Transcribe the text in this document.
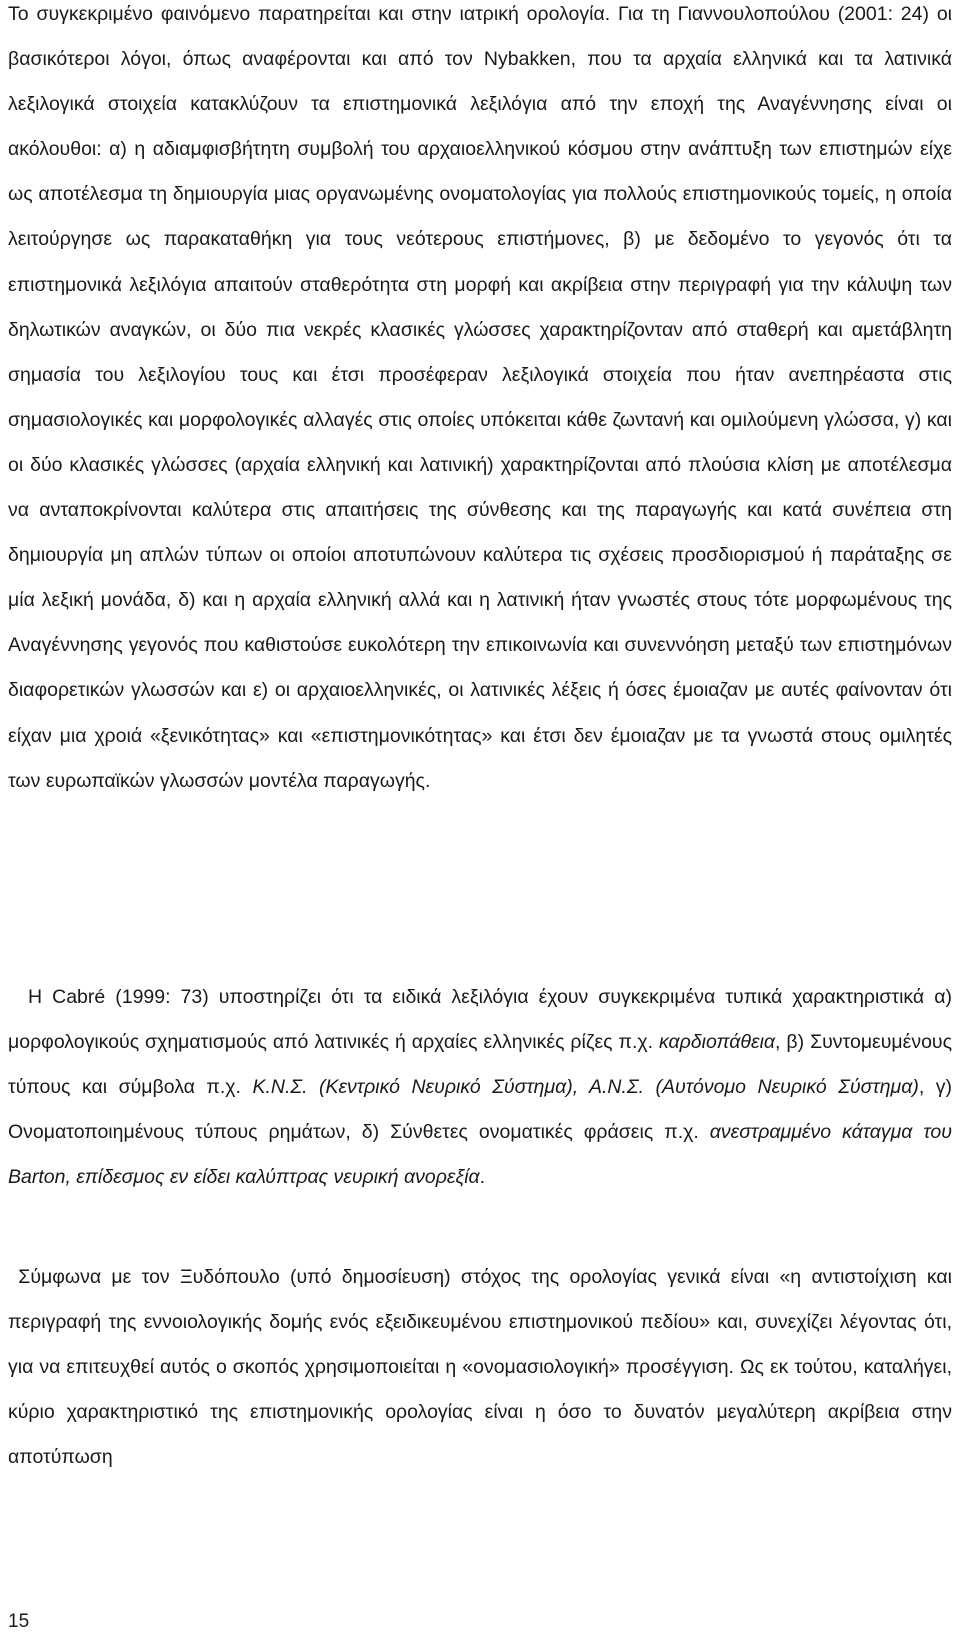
Το συγκεκριμένο φαινόμενο παρατηρείται και στην ιατρική ορολογία. Για τη Γιαννουλοπούλου (2001: 24) οι βασικότεροι λόγοι, όπως αναφέρονται και από τον Nybakken, που τα αρχαία ελληνικά και τα λατινικά λεξιλογικά στοιχεία κατακλύζουν τα επιστημονικά λεξιλόγια από την εποχή της Αναγέννησης είναι οι ακόλουθοι: α) η αδιαμφισβήτητη συμβολή του αρχαιοελληνικού κόσμου στην ανάπτυξη των επιστημών είχε ως αποτέλεσμα τη δημιουργία μιας οργανωμένης ονοματολογίας για πολλούς επιστημονικούς τομείς, η οποία λειτούργησε ως παρακαταθήκη για τους νεότερους επιστήμονες, β) με δεδομένο το γεγονός ότι τα επιστημονικά λεξιλόγια απαιτούν σταθερότητα στη μορφή και ακρίβεια στην περιγραφή για την κάλυψη των δηλωτικών αναγκών, οι δύο πια νεκρές κλασικές γλώσσες χαρακτηρίζονταν από σταθερή και αμετάβλητη σημασία του λεξιλογίου τους και έτσι προσέφεραν λεξιλογικά στοιχεία που ήταν ανεπηρέαστα στις σημασιολογικές και μορφολογικές αλλαγές στις οποίες υπόκειται κάθε ζωντανή και ομιλούμενη γλώσσα, γ) και οι δύο κλασικές γλώσσες (αρχαία ελληνική και λατινική) χαρακτηρίζονται από πλούσια κλίση με αποτέλεσμα να ανταποκρίνονται καλύτερα στις απαιτήσεις της σύνθεσης και της παραγωγής και κατά συνέπεια στη δημιουργία μη απλών τύπων οι οποίοι αποτυπώνουν καλύτερα τις σχέσεις προσδιορισμού ή παράταξης σε μία λεξική μονάδα, δ) και η αρχαία ελληνική αλλά και η λατινική ήταν γνωστές στους τότε μορφωμένους της Αναγέννησης γεγονός που καθιστούσε ευκολότερη την επικοινωνία και συνεννόηση μεταξύ των επιστημόνων διαφορετικών γλωσσών και ε) οι αρχαιοελληνικές, οι λατινικές λέξεις ή όσες έμοιαζαν με αυτές φαίνονταν ότι είχαν μια χροιά «ξενικότητας» και «επιστημονικότητας» και έτσι δεν έμοιαζαν με τα γνωστά στους ομιλητές των ευρωπαϊκών γλωσσών μοντέλα παραγωγής.

Η Cabré (1999: 73) υποστηρίζει ότι τα ειδικά λεξιλόγια έχουν συγκεκριμένα τυπικά χαρακτηριστικά α) μορφολογικούς σχηματισμούς από λατινικές ή αρχαίες ελληνικές ρίζες π.χ. καρδιοπάθεια, β) Συντομευμένους τύπους και σύμβολα π.χ. Κ.Ν.Σ. (Κεντρικό Νευρικό Σύστημα), Α.Ν.Σ. (Αυτόνομο Νευρικό Σύστημα), γ) Ονοματοποιημένους τύπους ρημάτων, δ) Σύνθετες ονοματικές φράσεις π.χ. ανεστραμμένο κάταγμα του Barton, επίδεσμος εν είδει καλύπτρας νευρική ανορεξία.

Σύμφωνα με τον Ξυδόπουλο (υπό δημοσίευση) στόχος της ορολογίας γενικά είναι «η αντιστοίχιση και περιγραφή της εννοιολογικής δομής ενός εξειδικευμένου επιστημονικού πεδίου» και, συνεχίζει λέγοντας ότι, για να επιτευχθεί αυτός ο σκοπός χρησιμοποιείται η «ονομασιολογική» προσέγγιση. Ως εκ τούτου, καταλήγει, κύριο χαρακτηριστικό της επιστημονικής ορολογίας είναι η όσο το δυνατόν μεγαλύτερη ακρίβεια στην αποτύπωση

15
